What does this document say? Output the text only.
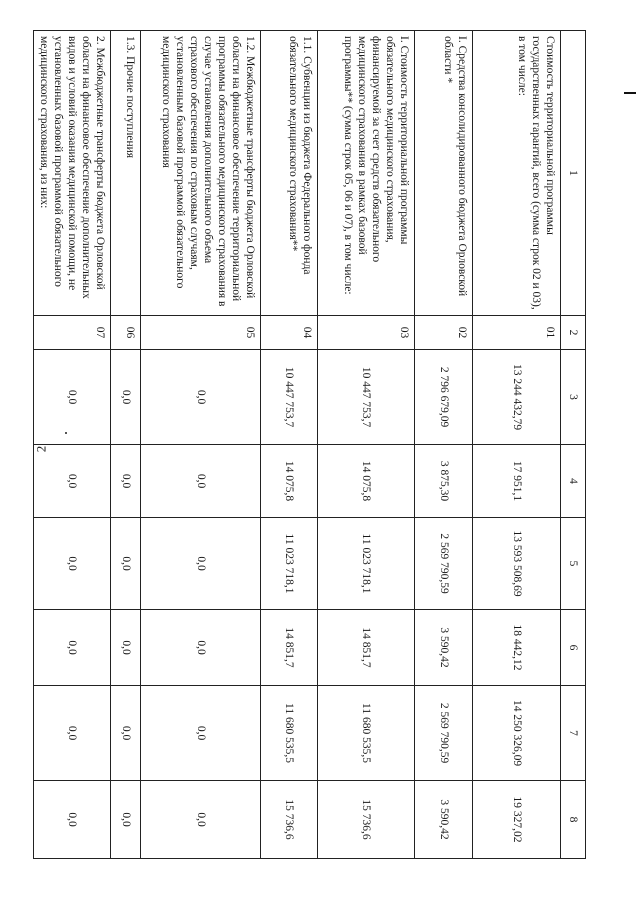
2
1	2	3	4	5	6	7	8
Стоимость территориальной программы государственных гарантий, всего (сумма строк 02 и 03), в том числе:	01	13 244 432,79	17 951,1	13 593 508,69	18 442,12	14 250 326,09	19 327,02
I. Средства консолидированного бюджета Орловской области *	02	2 796 679,09	3 875,30	2 569 790,59	3 590,42	2 569 790,59	3 590,42
I. Стоимость территориальной программы обязательного медицинского страхования, финансируемой за счет средств обязательного медицинского страхования в рамках базовой программы** (сумма строк 05, 06 и 07), в том числе:	03	10 447 753,7	14 075,8	11 023 718,1	14 851,7	11 680 535,5	15 736,6
1.1. Субвенции из бюджета Федерального фонда обязательного медицинского страхования**	04	10 447 753,7	14 075,8	11 023 718,1	14 851,7	11 680 535,5	15 736,6
1.2. Межбюджетные трансферты бюджета Орловской области на финансовое обеспечение территориальной программы обязательного медицинского страхования в случае установления дополнительного объема страхового обеспечения по страховым случаям, установленным базовой программой обязательного медицинского страхования	05	0,0	0,0	0,0	0,0	0,0	0,0
1.3. Прочие поступления	06	0,0	0,0	0,0	0,0	0,0	0,0
2. Межбюджетные трансферты бюджета Орловской области на финансовое обеспечение дополнительных видов и условий оказания медицинской помощи, не установленных базовой программой обязательного медицинского страхования, из них:	07	0,0	0,0	0,0	0,0	0,0	0,0
